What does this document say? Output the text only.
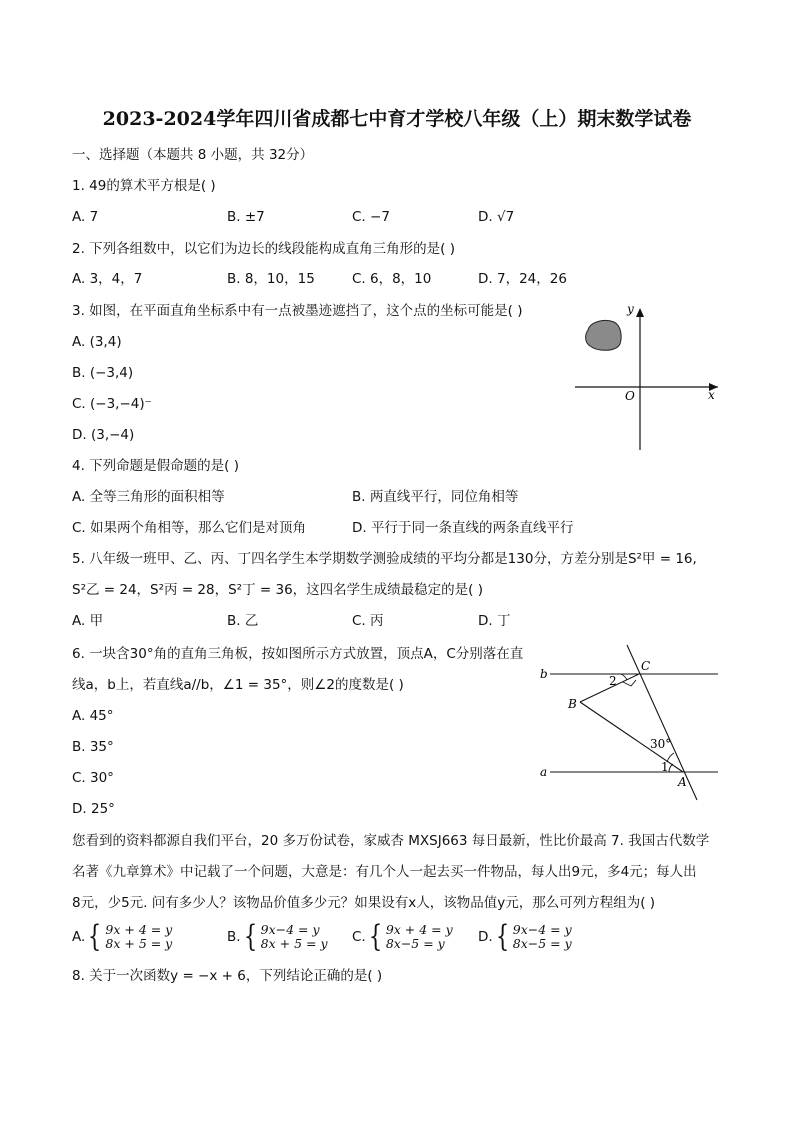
2023-2024学年四川省成都七中育才学校八年级（上）期末数学试卷
一、选择题（本题共 8 小题，共 32分）
1. 49的算术平方根是( )
A. 7	B. ±7	C. −7	D. √7
2. 下列各组数中，以它们为边长的线段能构成直角三角形的是( )
A. 3，4，7	B. 8，10，15	C. 6，8，10	D. 7，24，26
3. 如图，在平面直角坐标系中有一点被墨迹遮挡了，这个点的坐标可能是( )
A. (3,4)
B. (−3,4)
C. (−3,−4)⁻
D. (3,−4)
y
x
O
4. 下列命题是假命题的是( )
A. 全等三角形的面积相等	B. 两直线平行，同位角相等
C. 如果两个角相等，那么它们是对顶角	D. 平行于同一条直线的两条直线平行
5. 八年级一班甲、乙、丙、丁四名学生本学期数学测验成绩的平均分都是130分，方差分别是S²甲 = 16,
S²乙 = 24，S²丙 = 28，S²丁 = 36，这四名学生成绩最稳定的是( )
A. 甲	B. 乙	C. 丙	D. 丁
6. 一块含30°角的直角三角板，按如图所示方式放置，顶点A，C分别落在直
线a，b上，若直线a//b，∠1 = 35°，则∠2的度数是( )
A. 45°
B. 35°
C. 30°
D. 25°
b
a
C
B
A
2
1
30°
您看到的资料都源自我们平台，20 多万份试卷，家威杏 MXSJ663 每日最新，性比价最高 7. 我国古代数学
名著《九章算术》中记载了一个问题，大意是：有几个人一起去买一件物品，每人出9元，多4元；每人出
8元，少5元. 问有多少人？该物品价值多少元？如果设有x人，该物品值y元，那么可列方程组为( )
A. { 9x + 4 = y
8x + 5 = y	B. { 9x−4 = y
8x + 5 = y C. { 9x + 4 = y
8x−5 = y	D. { 9x−4 = y
8x−5 = y
8. 关于一次函数y = −x + 6，下列结论正确的是( )
